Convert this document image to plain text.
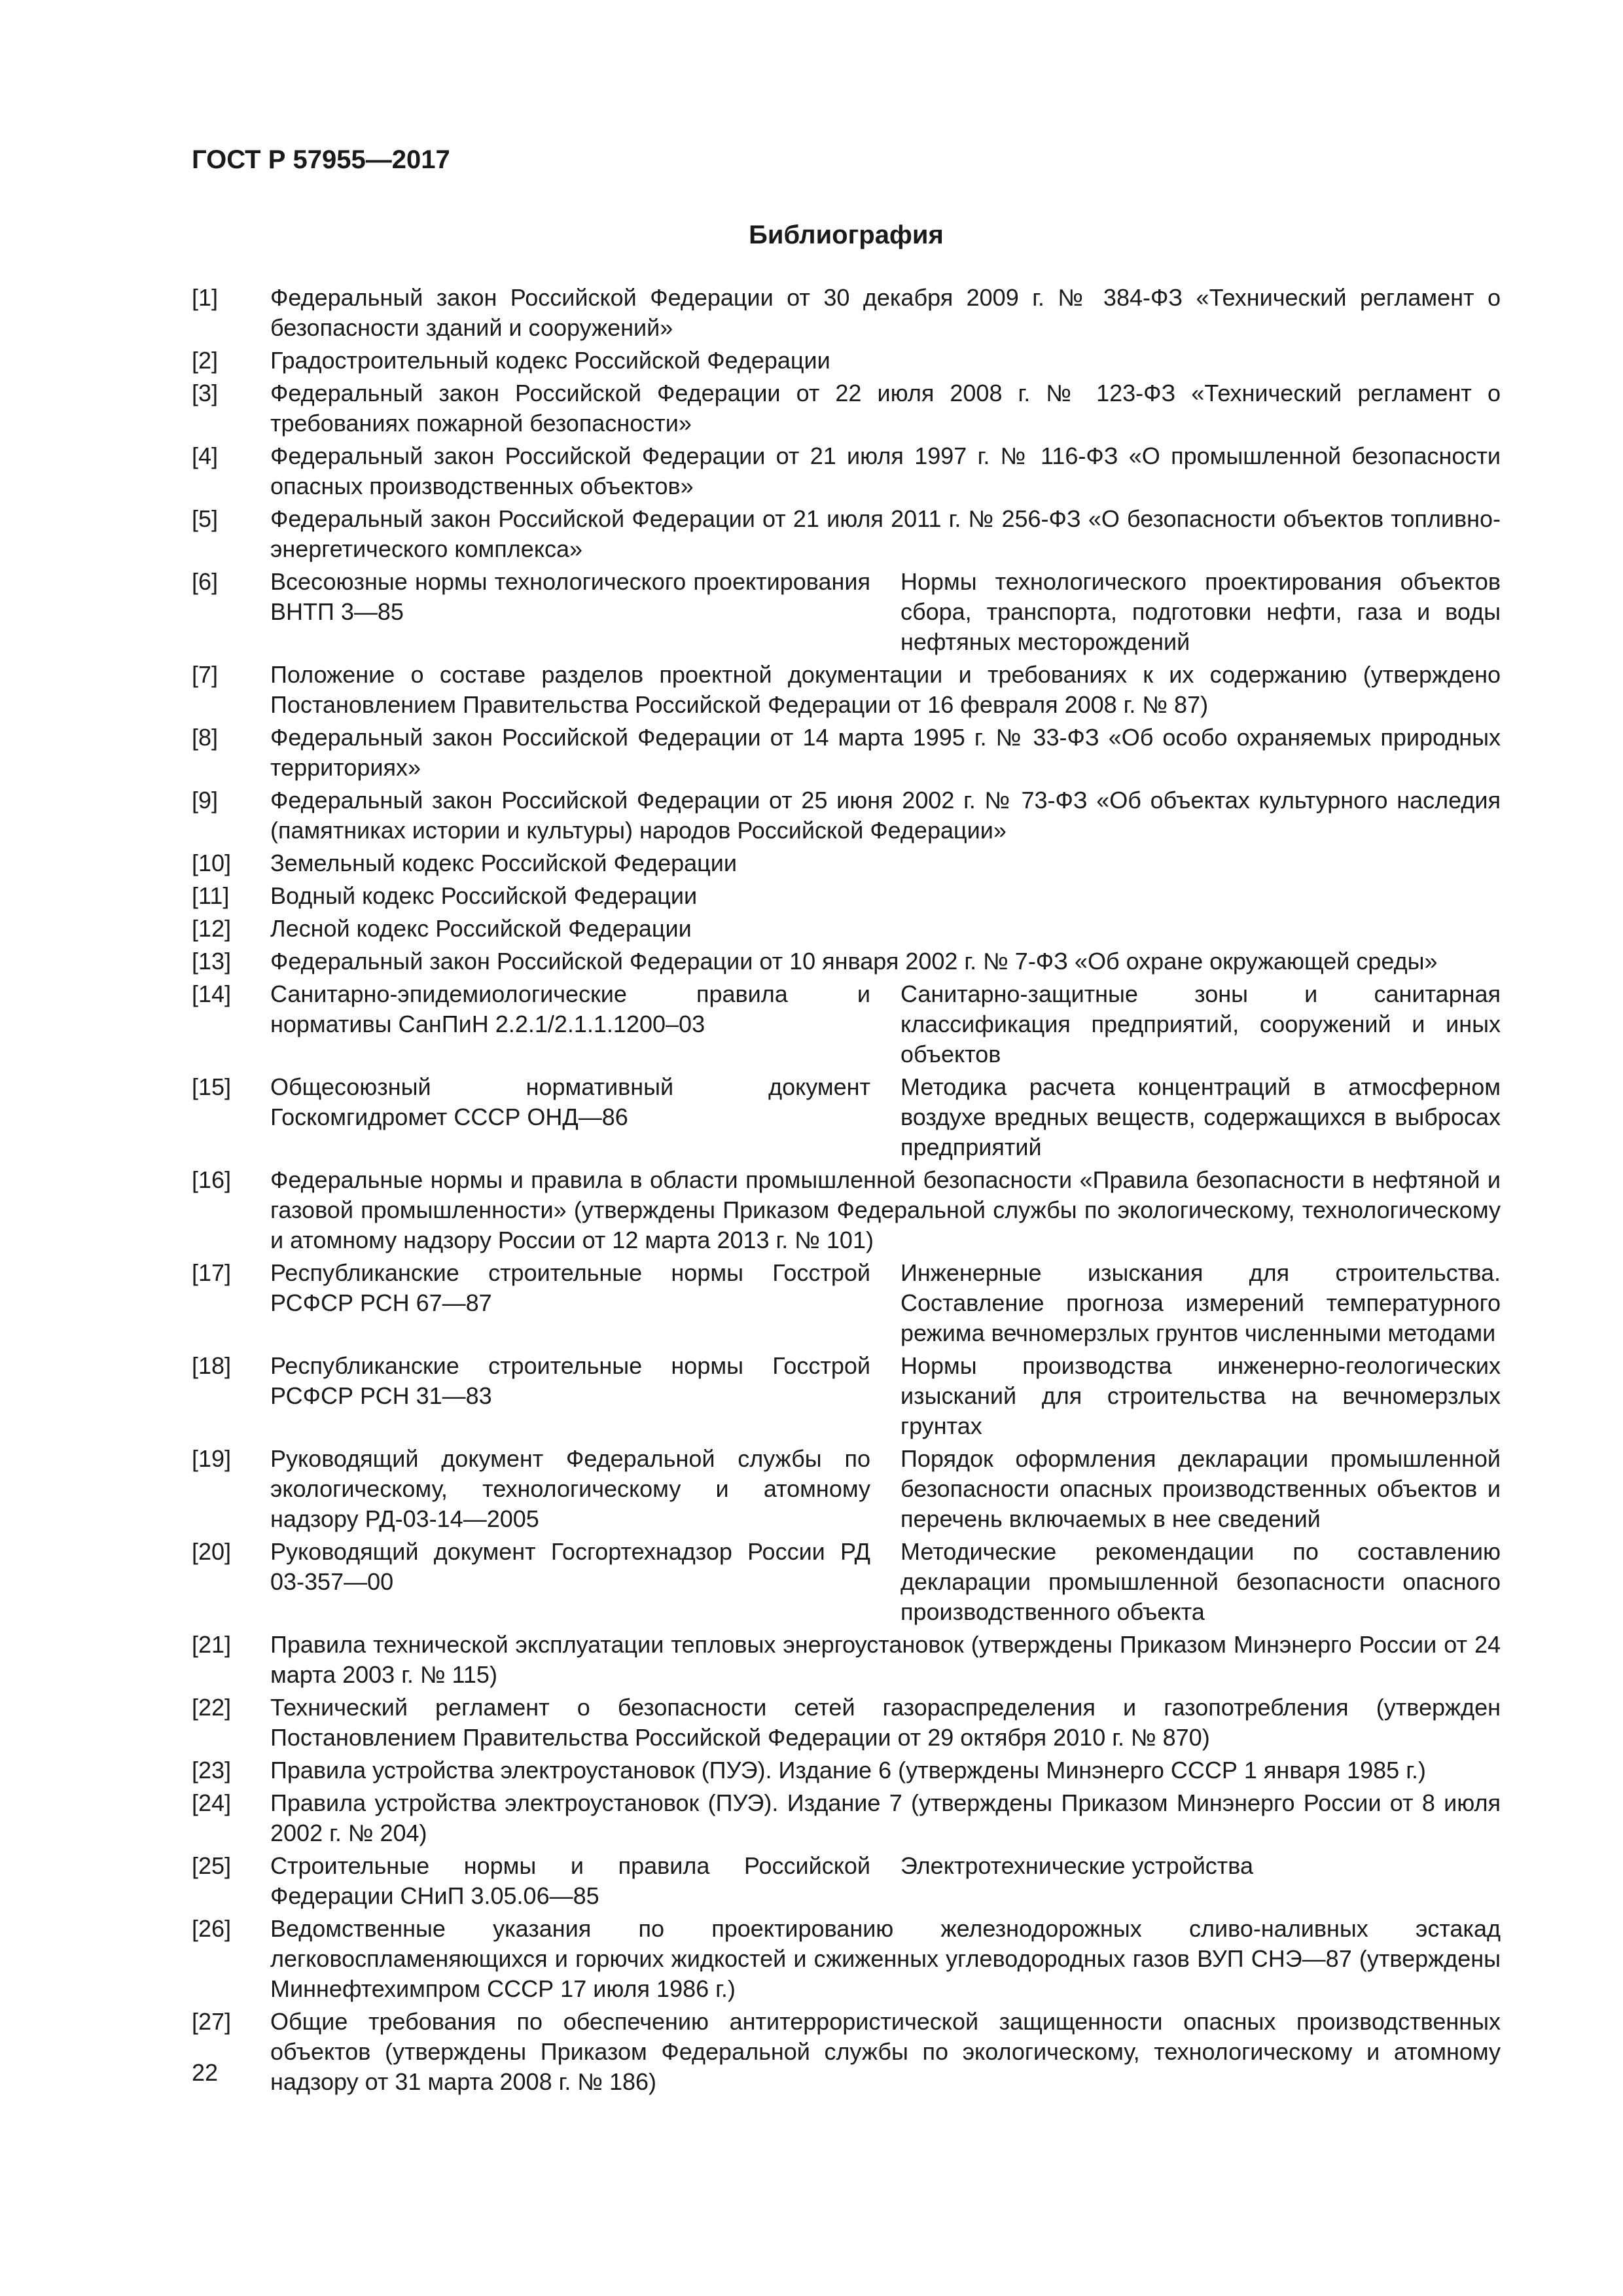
ГОСТ Р 57955—2017
Библиография
[1] Федеральный закон Российской Федерации от 30 декабря 2009 г. № 384-ФЗ «Технический регламент о безопасности зданий и сооружений»
[2] Градостроительный кодекс Российской Федерации
[3] Федеральный закон Российской Федерации от 22 июля 2008 г. № 123-ФЗ «Технический регламент о требованиях пожарной безопасности»
[4] Федеральный закон Российской Федерации от 21 июля 1997 г. № 116-ФЗ «О промышленной безопасности опасных производственных объектов»
[5] Федеральный закон Российской Федерации от 21 июля 2011 г. № 256-ФЗ «О безопасности объектов топливно-энергетического комплекса»
[6] Всесоюзные нормы технологического проектирования ВНТП 3—85
Нормы технологического проектирования объектов сбора, транспорта, подготовки нефти, газа и воды нефтяных месторождений
[7] Положение о составе разделов проектной документации и требованиях к их содержанию (утверждено Постановлением Правительства Российской Федерации от 16 февраля 2008 г. № 87)
[8] Федеральный закон Российской Федерации от 14 марта 1995 г. № 33-ФЗ «Об особо охраняемых природных территориях»
[9] Федеральный закон Российской Федерации от 25 июня 2002 г. № 73-ФЗ «Об объектах культурного наследия (памятниках истории и культуры) народов Российской Федерации»
[10] Земельный кодекс Российской Федерации
[11] Водный кодекс Российской Федерации
[12] Лесной кодекс Российской Федерации
[13] Федеральный закон Российской Федерации от 10 января 2002 г. № 7-ФЗ «Об охране окружающей среды»
[14] Санитарно-эпидемиологические правила и нормативы СанПиН 2.2.1/2.1.1.1200–03
Санитарно-защитные зоны и санитарная классификация предприятий, сооружений и иных объектов
[15] Общесоюзный нормативный документ Госкомгидромет СССР ОНД—86
Методика расчета концентраций в атмосферном воздухе вредных веществ, содержащихся в выбросах предприятий
[16] Федеральные нормы и правила в области промышленной безопасности «Правила безопасности в нефтяной и газовой промышленности» (утверждены Приказом Федеральной службы по экологическому, технологическому и атомному надзору России от 12 марта 2013 г. № 101)
[17] Республиканские строительные нормы Госстрой РСФСР РСН 67—87
Инженерные изыскания для строительства. Составление прогноза измерений температурного режима вечномерзлых грунтов численными методами
[18] Республиканские строительные нормы Госстрой РСФСР РСН 31—83
Нормы производства инженерно-геологических изысканий для строительства на вечномерзлых грунтах
[19] Руководящий документ Федеральной службы по экологическому, технологическому и атомному надзору РД-03-14—2005
Порядок оформления декларации промышленной безопасности опасных производственных объектов и перечень включаемых в нее сведений
[20] Руководящий документ Госгортехнадзор России РД 03-357—00
Методические рекомендации по составлению декларации промышленной безопасности опасного производственного объекта
[21] Правила технической эксплуатации тепловых энергоустановок (утверждены Приказом Минэнерго России от 24 марта 2003 г. № 115)
[22] Технический регламент о безопасности сетей газораспределения и газопотребления (утвержден Постановлением Правительства Российской Федерации от 29 октября 2010 г. № 870)
[23] Правила устройства электроустановок (ПУЭ). Издание 6 (утверждены Минэнерго СССР 1 января 1985 г.)
[24] Правила устройства электроустановок (ПУЭ). Издание 7 (утверждены Приказом Минэнерго России от 8 июля 2002 г. № 204)
[25] Строительные нормы и правила Российской Федерации СНиП 3.05.06—85
Электротехнические устройства
[26] Ведомственные указания по проектированию железнодорожных сливо-наливных эстакад легковоспламеняющихся и горючих жидкостей и сжиженных углеводородных газов ВУП СНЭ—87 (утверждены Миннефтехимпром СССР 17 июля 1986 г.)
[27] Общие требования по обеспечению антитеррористической защищенности опасных производственных объектов (утверждены Приказом Федеральной службы по экологическому, технологическому и атомному надзору от 31 марта 2008 г. № 186)
22
